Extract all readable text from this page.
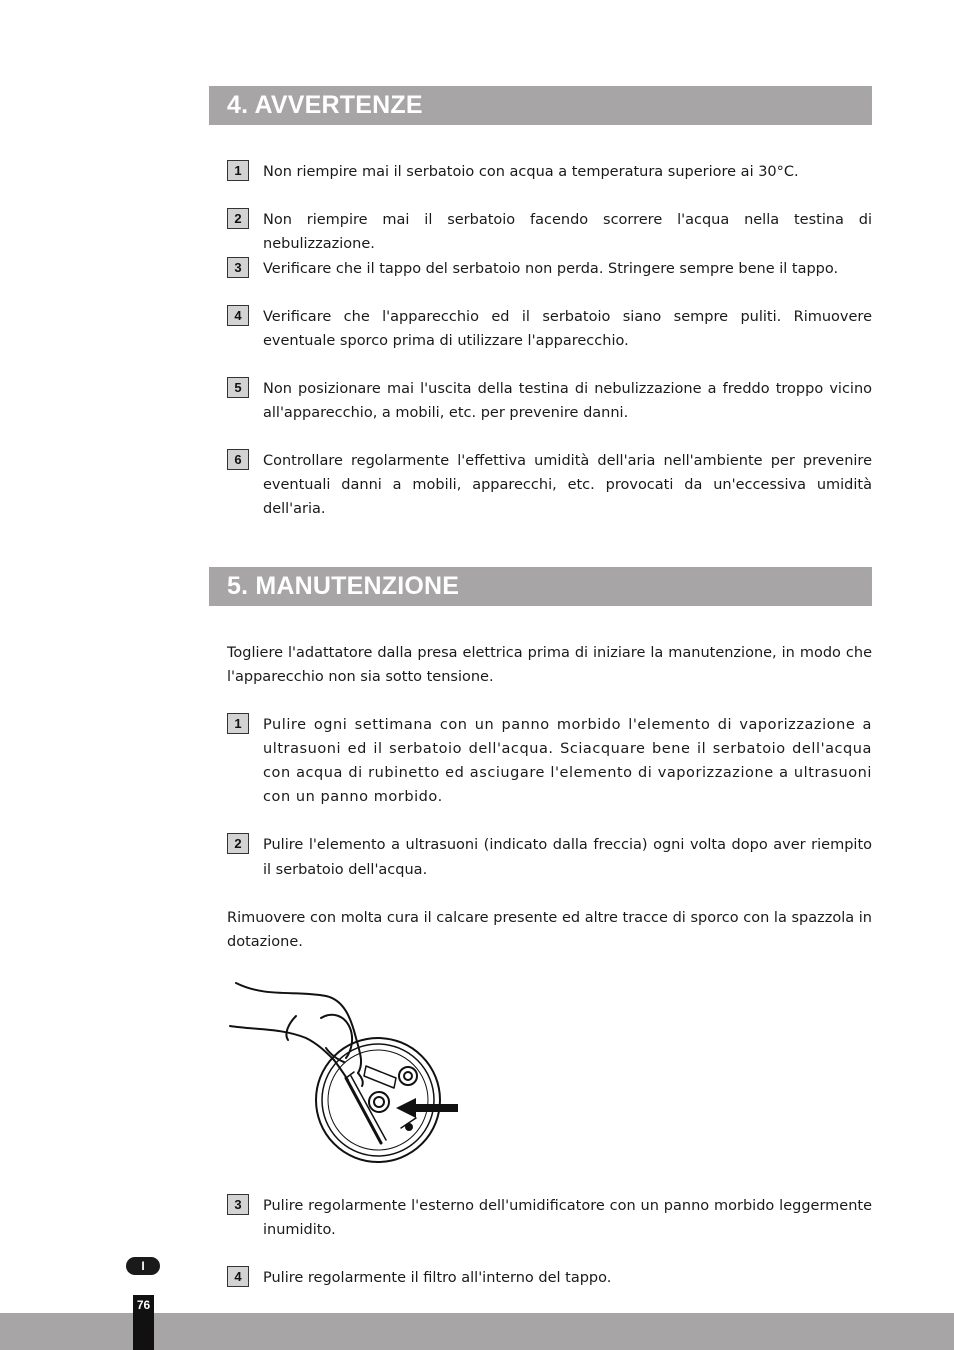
4. AVVERTENZE
1	Non riempire mai il serbatoio con acqua a temperatura superiore ai 30°C.
2	Non riempire mai il serbatoio facendo scorrere l'acqua nella testina di nebulizzazione.
3	Verificare che il tappo del serbatoio non perda. Stringere sempre bene il tappo.
4	Verificare che l'apparecchio ed il serbatoio siano sempre puliti. Rimuovere eventuale sporco prima di utilizzare l'apparecchio.
5	Non posizionare mai l'uscita della testina di nebulizzazione a freddo troppo vicino all'apparecchio, a mobili, etc. per prevenire danni.
6	Controllare regolarmente l'effettiva umidità dell'aria nell'ambiente per prevenire eventuali danni a mobili, apparecchi, etc. provocati da un'eccessiva umidità dell'aria.
5. MANUTENZIONE
Togliere l'adattatore dalla presa elettrica prima di iniziare la manutenzione, in modo che l'apparecchio non sia sotto tensione.
1	Pulire ogni settimana con un panno morbido l'elemento di vaporizzazione a ultrasuoni ed il serbatoio dell'acqua. Sciacquare bene il serbatoio dell'acqua con acqua di rubinetto ed asciugare l'elemento di vaporizzazione a ultrasuoni con un panno morbido.
2	Pulire l'elemento a ultrasuoni (indicato dalla freccia) ogni volta dopo aver riempito il serbatoio dell'acqua.
Rimuovere con molta cura il calcare presente ed altre tracce di sporco con la spazzola in dotazione.
3	Pulire regolarmente l'esterno dell'umidificatore con un panno morbido leggermente inumidito.
4	Pulire regolarmente il filtro all'interno del tappo.
I
76
